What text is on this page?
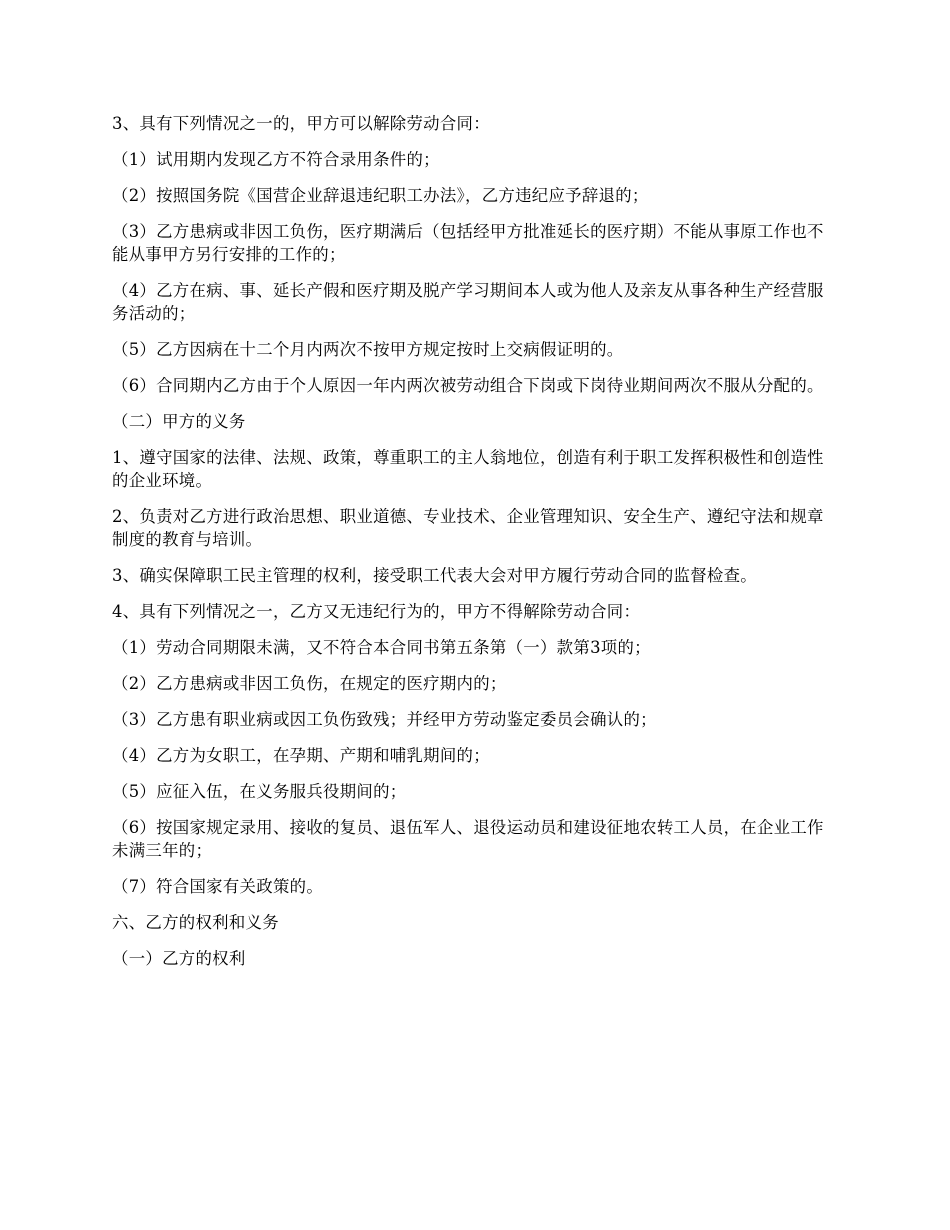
3、具有下列情况之一的，甲方可以解除劳动合同：

（1）试用期内发现乙方不符合录用条件的；

（2）按照国务院《国营企业辞退违纪职工办法》，乙方违纪应予辞退的；

（3）乙方患病或非因工负伤，医疗期满后（包括经甲方批准延长的医疗期）不能从事原工作也不能从事甲方另行安排的工作的；

（4）乙方在病、事、延长产假和医疗期及脱产学习期间本人或为他人及亲友从事各种生产经营服务活动的；

（5）乙方因病在十二个月内两次不按甲方规定按时上交病假证明的。

（6）合同期内乙方由于个人原因一年内两次被劳动组合下岗或下岗待业期间两次不服从分配的。

（二）甲方的义务

1、遵守国家的法律、法规、政策，尊重职工的主人翁地位，创造有利于职工发挥积极性和创造性的企业环境。

2、负责对乙方进行政治思想、职业道德、专业技术、企业管理知识、安全生产、遵纪守法和规章制度的教育与培训。

3、确实保障职工民主管理的权利，接受职工代表大会对甲方履行劳动合同的监督检查。

4、具有下列情况之一，乙方又无违纪行为的，甲方不得解除劳动合同：

（1）劳动合同期限未满，又不符合本合同书第五条第（一）款第3项的；

（2）乙方患病或非因工负伤，在规定的医疗期内的；

（3）乙方患有职业病或因工负伤致残；并经甲方劳动鉴定委员会确认的；

（4）乙方为女职工，在孕期、产期和哺乳期间的；

（5）应征入伍，在义务服兵役期间的；

（6）按国家规定录用、接收的复员、退伍军人、退役运动员和建设征地农转工人员，在企业工作未满三年的；

（7）符合国家有关政策的。

六、乙方的权利和义务

（一）乙方的权利
